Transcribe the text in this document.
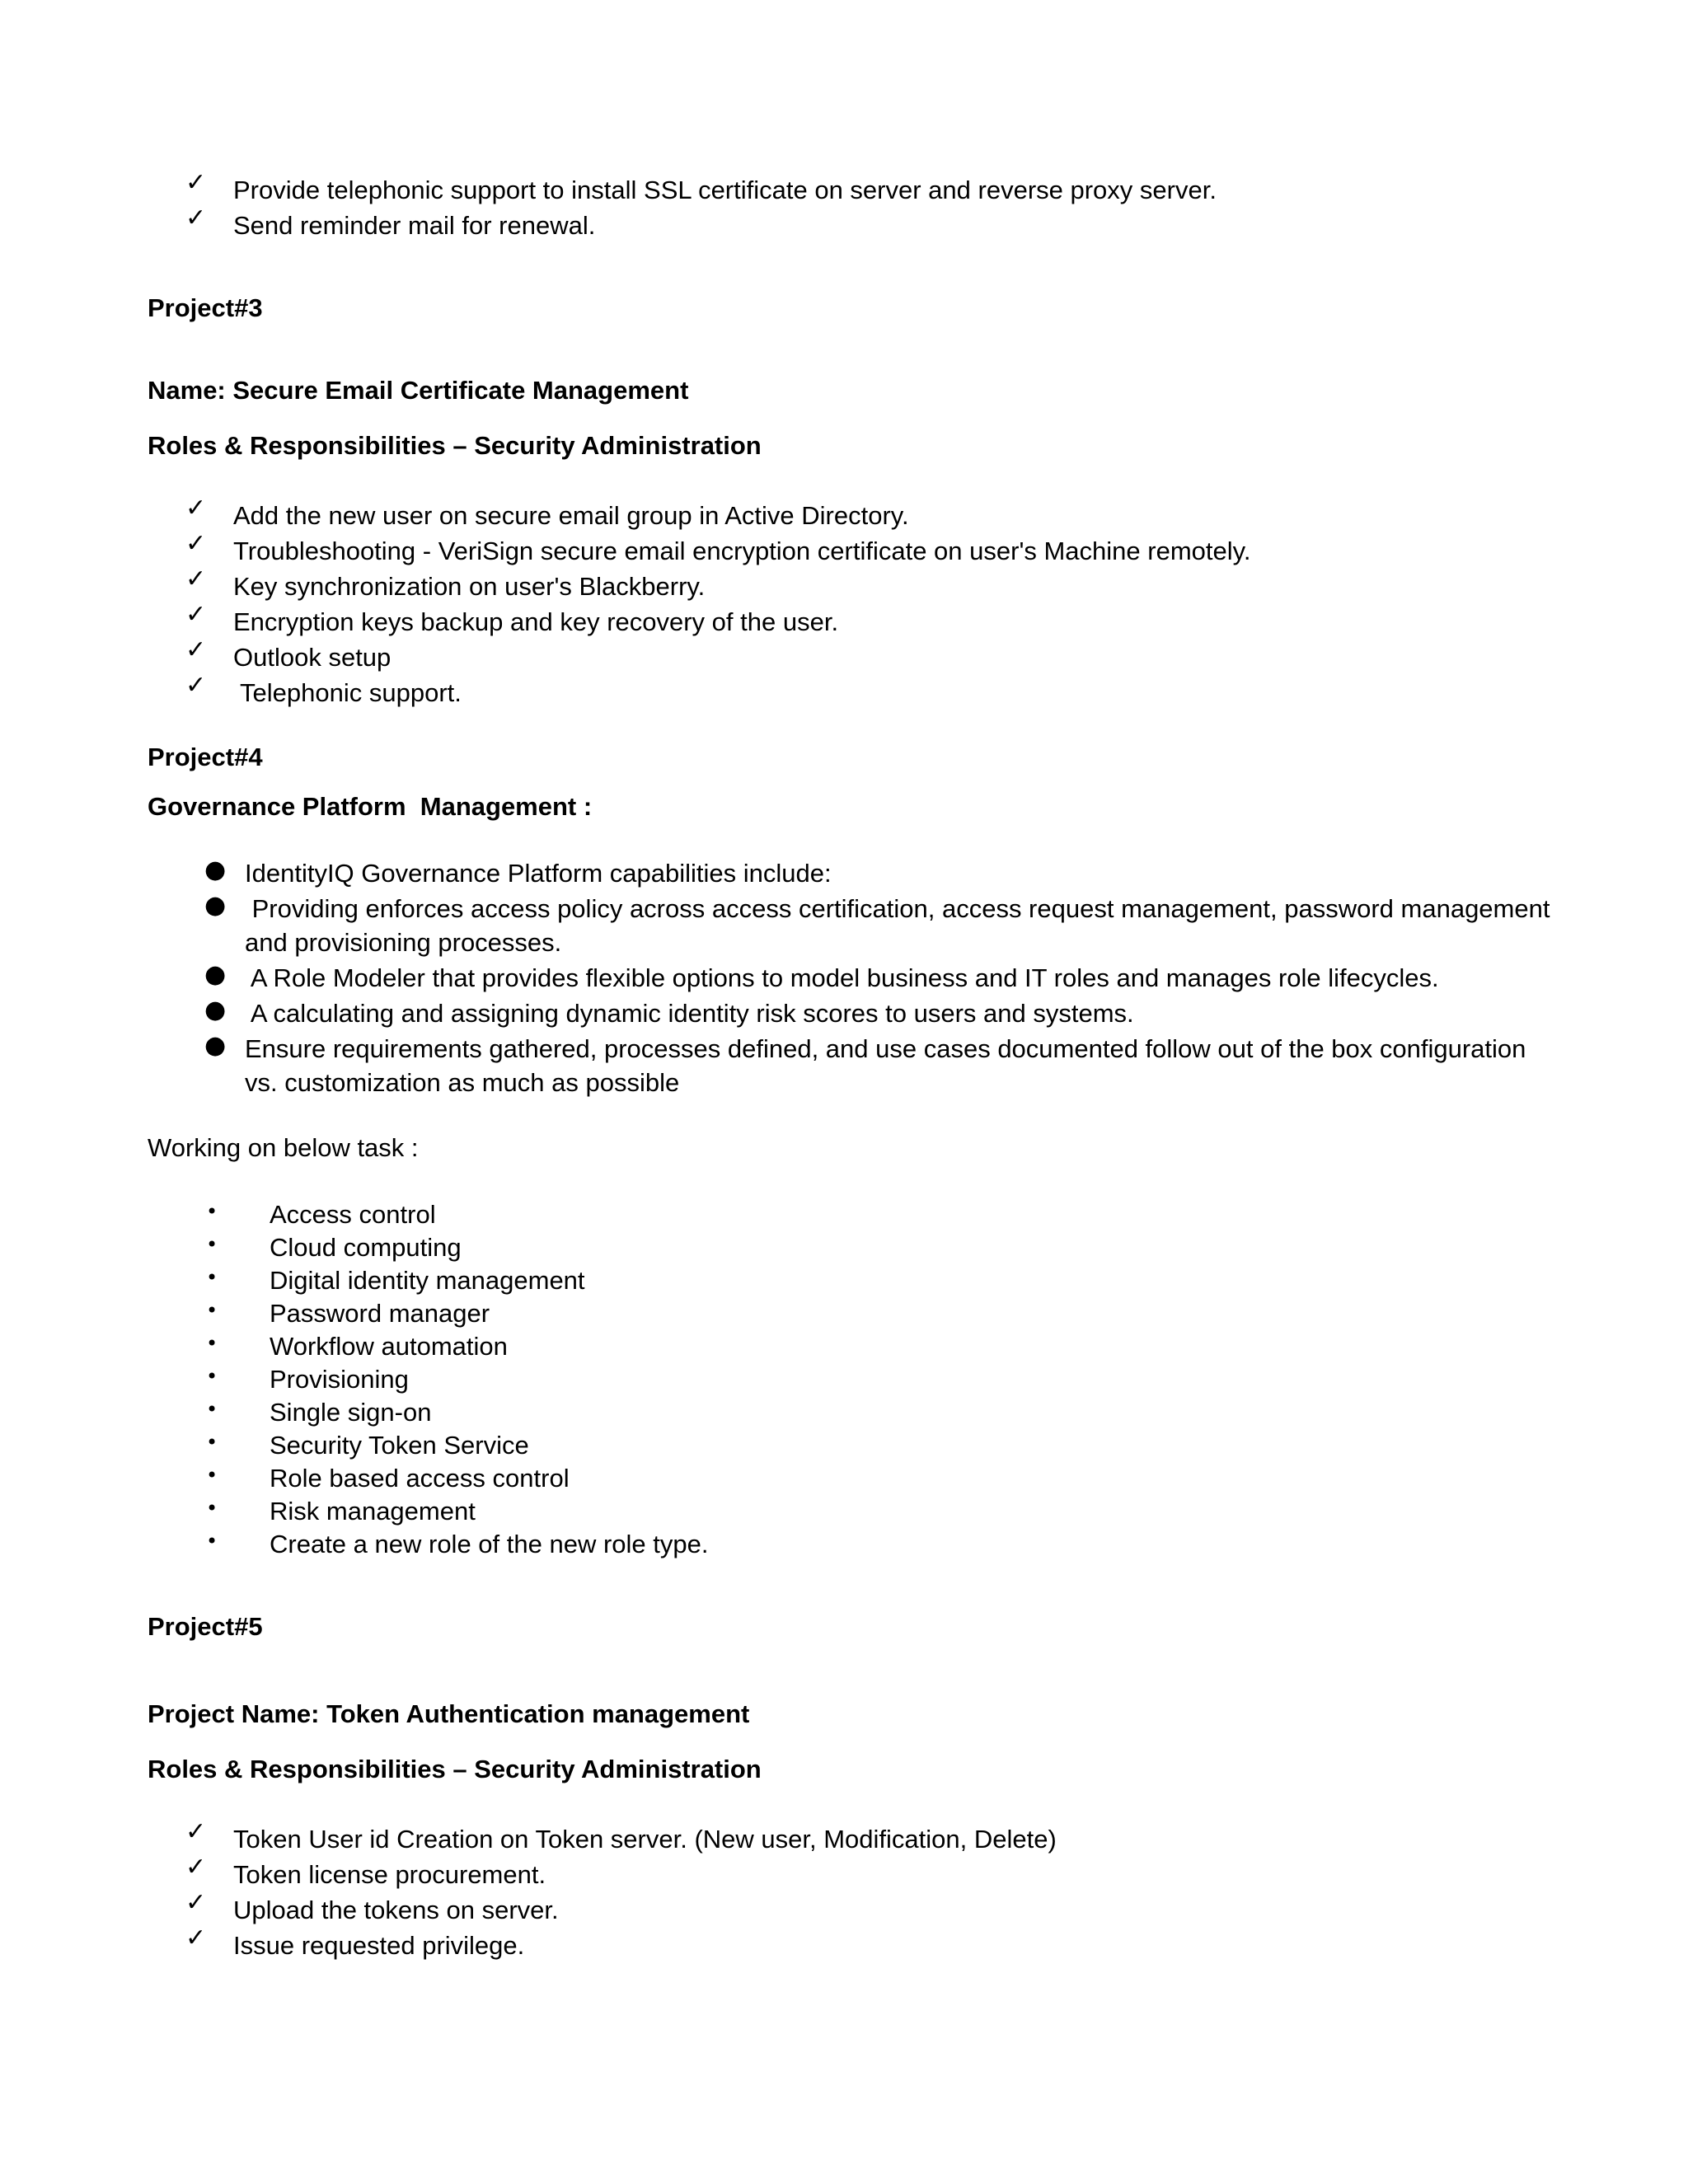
✓ Provide telephonic support to install SSL certificate on server and reverse proxy server.
✓ Send reminder mail for renewal.
Project#3
Name: Secure Email Certificate Management
Roles & Responsibilities – Security Administration
✓ Add the new user on secure email group in Active Directory.
✓ Troubleshooting - VeriSign secure email encryption certificate on user's Machine remotely.
✓ Key synchronization on user's Blackberry.
✓ Encryption keys backup and key recovery of the user.
✓ Outlook setup
✓ Telephonic support.
Project#4
Governance Platform  Management :
● IdentityIQ Governance Platform capabilities include:
● Providing enforces access policy across access certification, access request management, password management
and provisioning processes.
● A Role Modeler that provides flexible options to model business and IT roles and manages role lifecycles.
● A calculating and assigning dynamic identity risk scores to users and systems.
● Ensure requirements gathered, processes defined, and use cases documented follow out of the box configuration
vs. customization as much as possible
Working on below task :
• Access control
• Cloud computing
• Digital identity management
• Password manager
• Workflow automation
• Provisioning
• Single sign-on
• Security Token Service
• Role based access control
• Risk management
• Create a new role of the new role type.
Project#5
Project Name: Token Authentication management
Roles & Responsibilities – Security Administration
✓ Token User id Creation on Token server. (New user, Modification, Delete)
✓ Token license procurement.
✓ Upload the tokens on server.
✓ Issue requested privilege.
